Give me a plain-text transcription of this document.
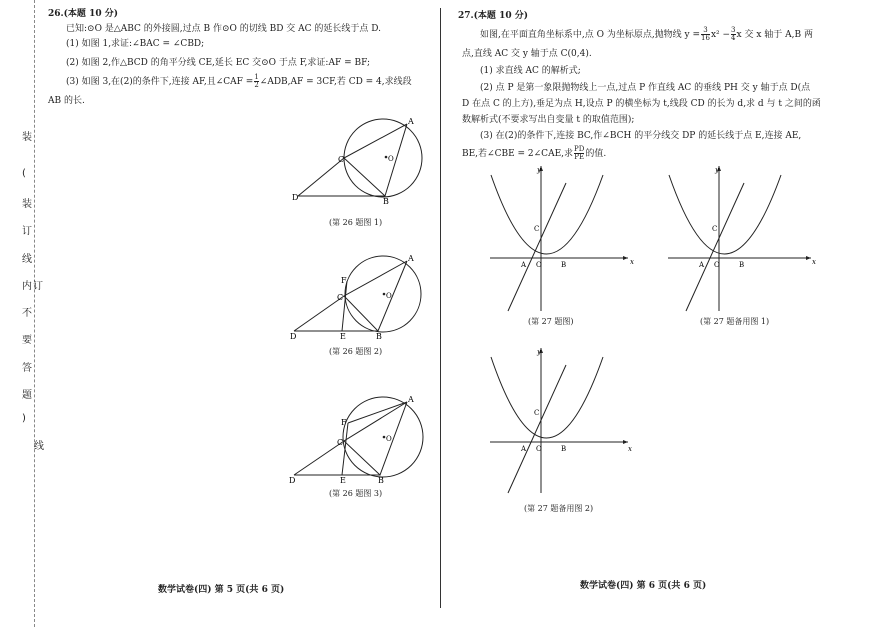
装
(
装
订
线
内 订
不
要
答
题
)
线
26.(本题 10 分)
已知:⊙O 是△ABC 的外接圆,过点 B 作⊙O 的切线 BD 交 AC 的延长线于点 D.
(1) 如图 1,求证:∠BAC = ∠CBD;
(2) 如图 2,作△BCD 的角平分线 CE,延长 EC 交⊙O 于点 F,求证:AF = BF;
(3) 如图 3,在(2)的条件下,连接 AF,且∠CAF = $\frac{1}{2}$ ∠ADB,AF = 3CF,若 CD = 4,求线段
AB 的长.
A
C	O
D	B
(第 26 题图 1)
A
F
C	O
D	E	B
(第 26 题图 2)
A
F
C	O
D	E	B
(第 26 题图 3)
数学试卷(四) 第 5 页(共 6 页)
27.(本题 10 分)
如图,在平面直角坐标系中,点 O 为坐标原点,抛物线 $y = \frac{3}{16} x^2 - \frac{3}{4}$ x 交 x 轴于 A,B 两
点,直线 AC 交 y 轴于点 C(0,4).
(1) 求直线 AC 的解析式;
(2) 点 P 是第一象限抛物线上一点,过点 P 作直线 AC 的垂线 PH 交 y 轴于点 D(点
D 在点 C 的上方),垂足为点 H,设点 P 的横坐标为 t,线段 CD 的长为 d,求 d 与 t 之间的函
数解析式(不要求写出自变量 t 的取值范围);
(3) 在(2)的条件下,连接 BC,作∠BCH 的平分线交 DP 的延长线于点 E,连接 AE,
BE,若∠CBE = 2∠CAE,求 $\frac{PD}{PE}$ 的值.
x
y
A O	B
C
(第 27 题图)
x
y
A O	B
C
(第 27 题备用图 1)
x
y
A O	B
C
(第 27 题备用图 2)
数学试卷(四) 第 6 页(共 6 页)
